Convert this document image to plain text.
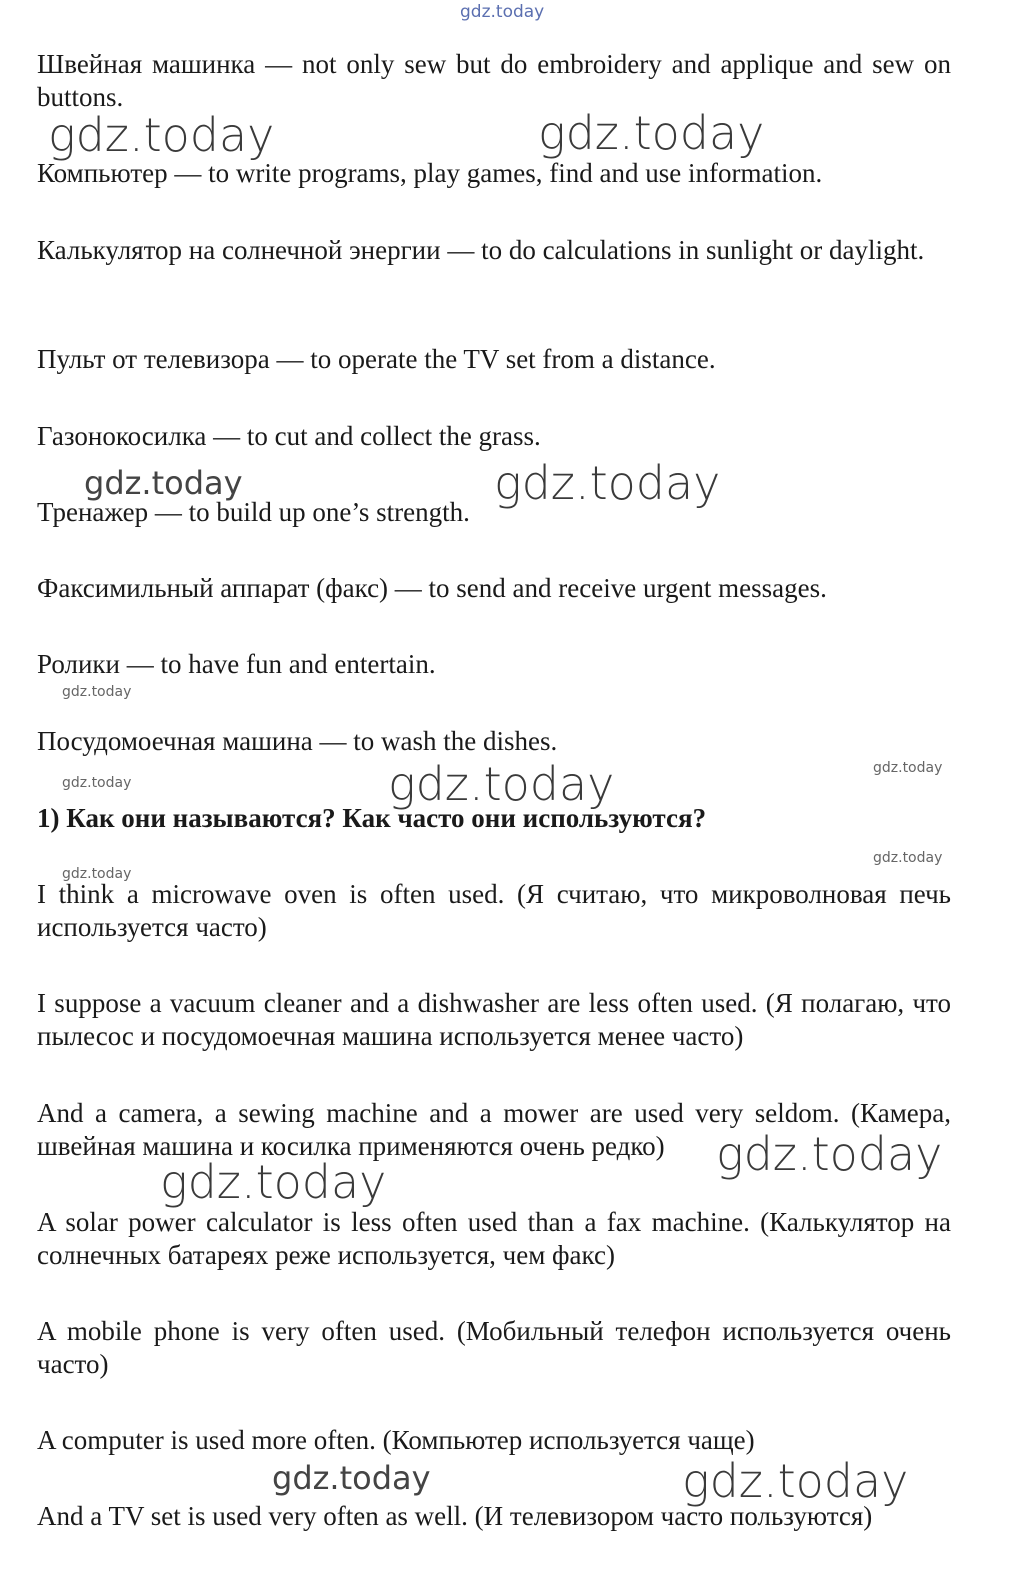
gdz.today
gdz.today	gdz.today
gdz.today	gdz.today
gdz.today
gdz.today	gdz.today	gdz.today
gdz.today
gdz.today
gdz.today
gdz.today
gdz.today	gdz.today

Швейная машинка — not only sew but do embroidery and applique and sew on buttons.

Компьютер — to write programs, play games, find and use information.

Калькулятор на солнечной энергии — to do calculations in sunlight or daylight.

Пульт от телевизора — to operate the TV set from a distance.

Газонокосилка — to cut and collect the grass.

Тренажер — to build up one’s strength.

Факсимильный аппарат (факс) — to send and receive urgent messages.

Ролики — to have fun and entertain.

Посудомоечная машина — to wash the dishes.

1) Как они называются? Как часто они используются?

I think a microwave oven is often used. (Я считаю, что микроволновая печь используется часто)

I suppose a vacuum cleaner and a dishwasher are less often used. (Я полагаю, что пылесос и посудомоечная машина используется менее часто)

And a camera, a sewing machine and a mower are used very seldom. (Камера, швейная машина и косилка применяются очень редко)

A solar power calculator is less often used than a fax machine. (Калькулятор на солнечных батареях реже используется, чем факс)

A mobile phone is very often used. (Мобильный телефон используется очень часто)

A computer is used more often. (Компьютер используется чаще)

And a TV set is used very often as well. (И телевизором часто пользуются)
